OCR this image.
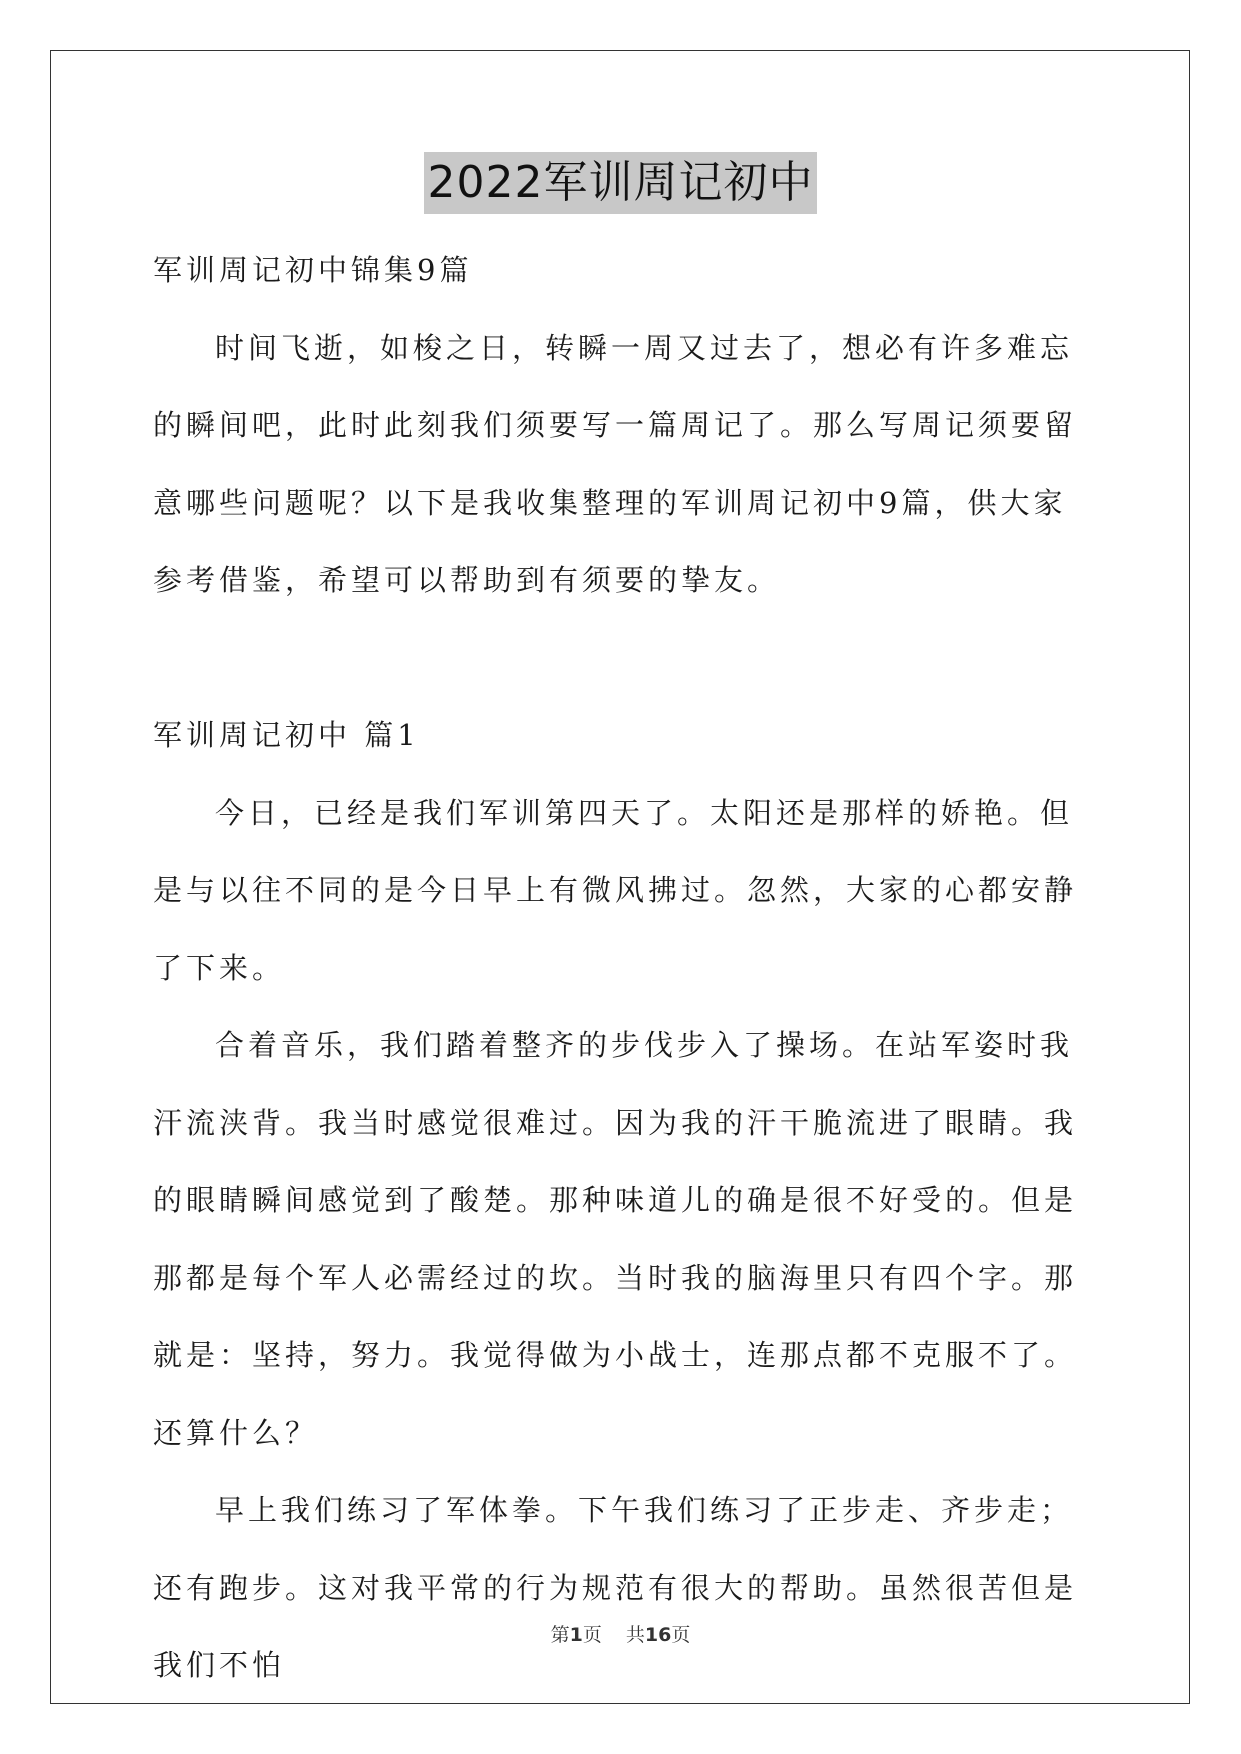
2022军训周记初中

军训周记初中锦集9篇

时间飞逝，如梭之日，转瞬一周又过去了，想必有许多难忘的瞬间吧，此时此刻我们须要写一篇周记了。那么写周记须要留意哪些问题呢？以下是我收集整理的军训周记初中9篇，供大家参考借鉴，希望可以帮助到有须要的挚友。

军训周记初中 篇1

今日，已经是我们军训第四天了。太阳还是那样的娇艳。但是与以往不同的是今日早上有微风拂过。忽然，大家的心都安静了下来。

合着音乐，我们踏着整齐的步伐步入了操场。在站军姿时我汗流浃背。我当时感觉很难过。因为我的汗干脆流进了眼睛。我的眼睛瞬间感觉到了酸楚。那种味道儿的确是很不好受的。但是那都是每个军人必需经过的坎。当时我的脑海里只有四个字。那就是：坚持，努力。我觉得做为小战士，连那点都不克服不了。还算什么？

早上我们练习了军体拳。下午我们练习了正步走、齐步走；还有跑步。这对我平常的行为规范有很大的帮助。虽然很苦但是我们不怕

第1页 共16页
